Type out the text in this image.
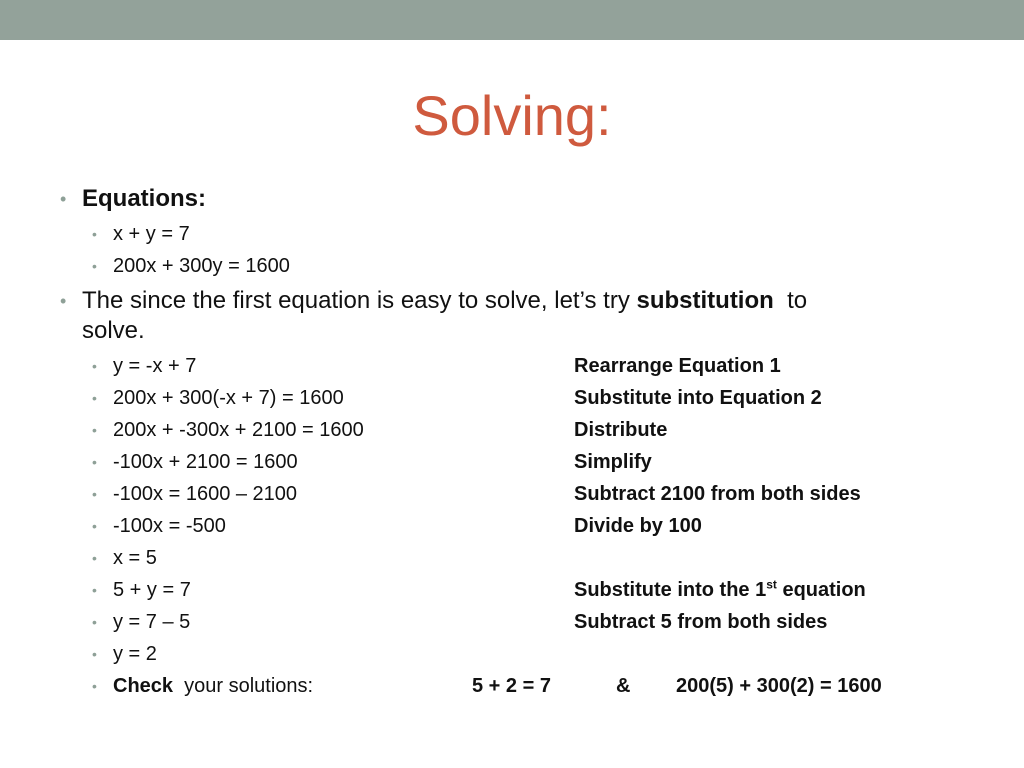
Solving:
• Equations:
• x + y = 7
• 200x + 300y = 1600
• The since the first equation is easy to solve, let’s try substitution  to
solve.
• y = -x + 7	Rearrange Equation 1
• 200x + 300(-x + 7) = 1600	Substitute into Equation 2
• 200x + -300x + 2100 = 1600	Distribute
• -100x + 2100 = 1600	Simplify
• -100x = 1600 – 2100	Subtract 2100 from both sides
• -100x = -500	Divide by 100
• x = 5
• 5 + y = 7	Substitute into the 1st equation
• y = 7 – 5	Subtract 5 from both sides
• y = 2
• Check  your solutions:	5 + 2 = 7	& 200(5) + 300(2) = 1600
